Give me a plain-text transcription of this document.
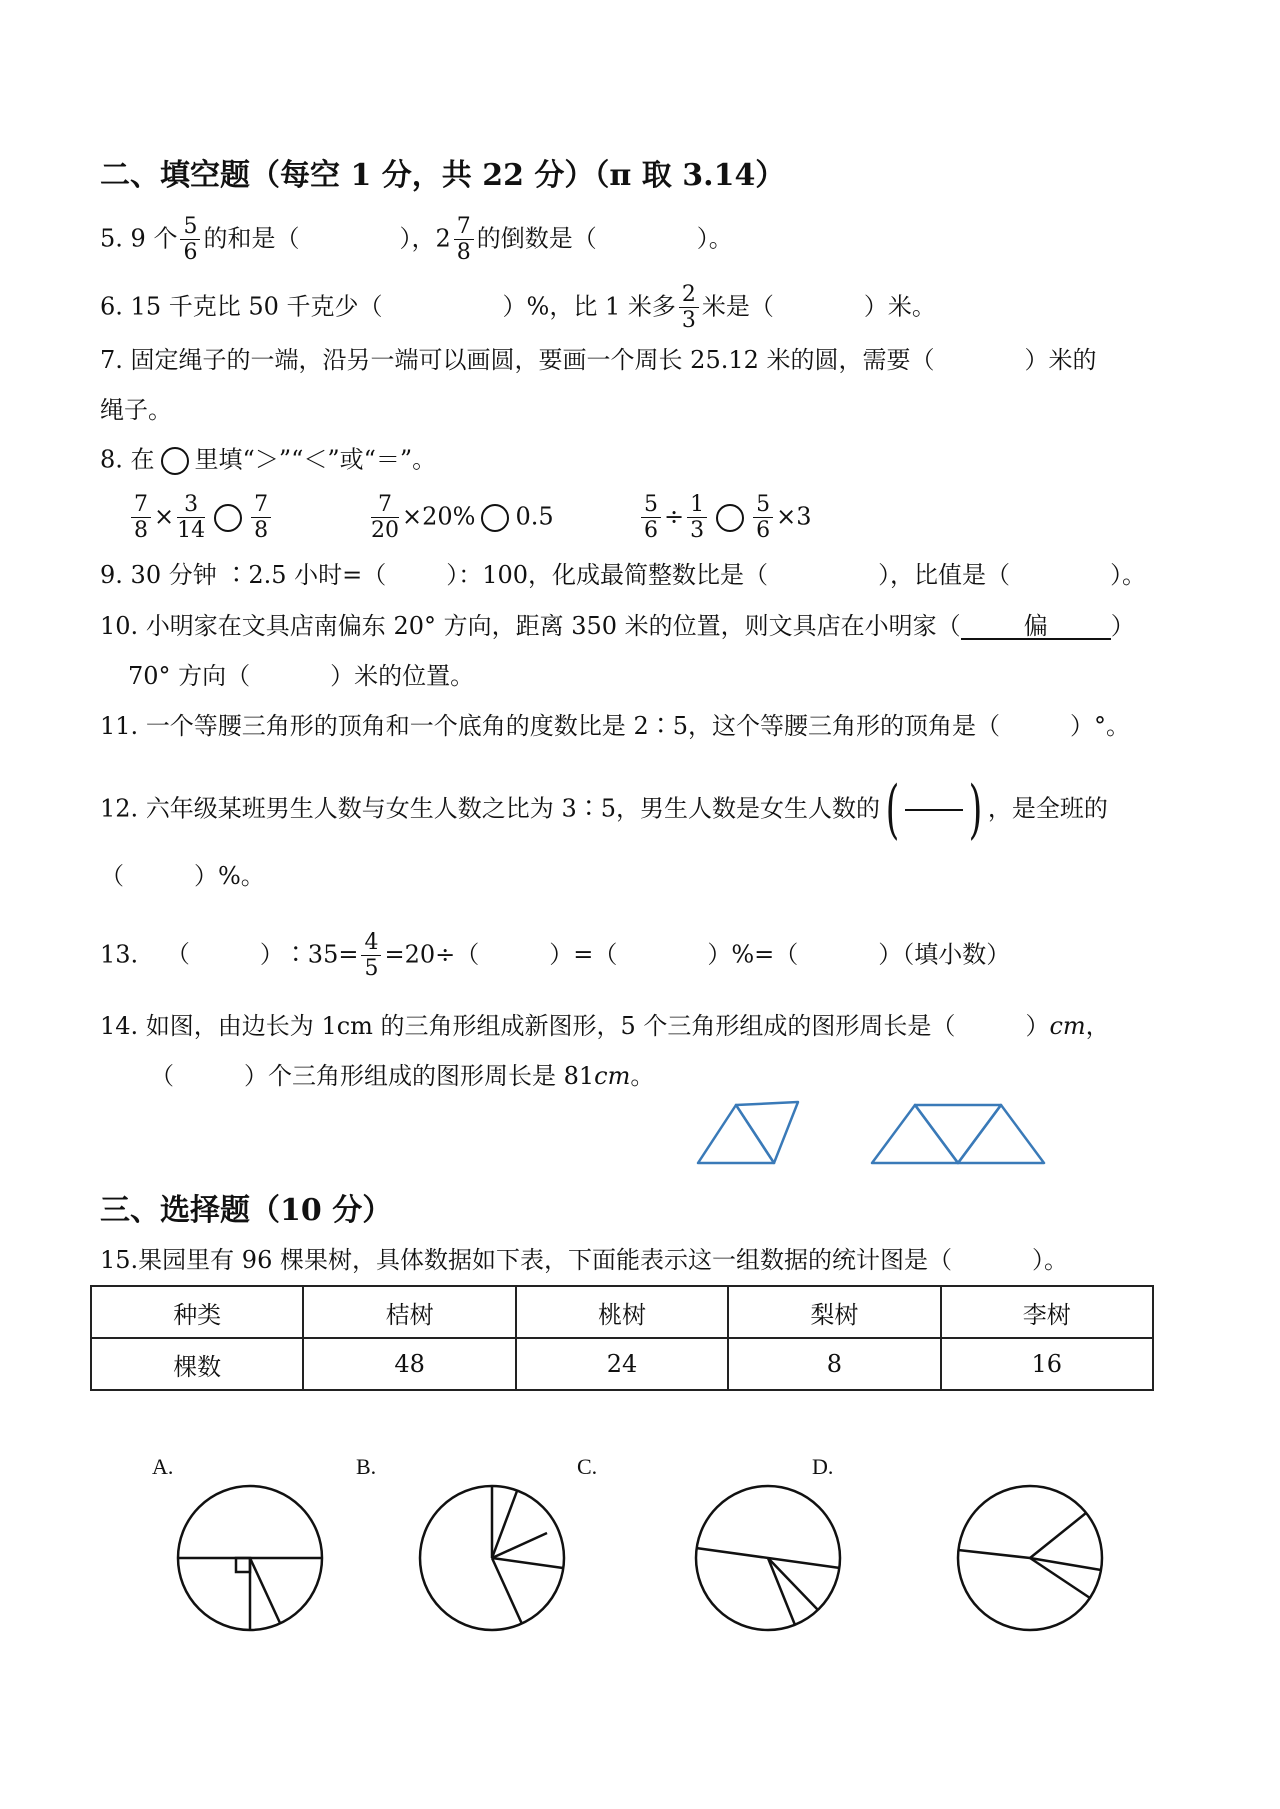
二、填空题（每空 1 分，共 22 分）（π 取 3.14）
5. 9 个 $\frac{5}{6}$ 的和是（	），$2 \frac{7}{8}$ 的倒数是（	）。
6. 15 千克比 50 千克少（	）%，比 1 米多 $\frac{2}{3}$ 米是（	）米。
7. 固定绳子的一端，沿另一端可以画圆，要画一个周长 25.12 米的圆，需要（	）米的
绳子。
8. 在 里填“＞”“＜”或“＝”。
$\frac{7}{8} \times \frac{3}{14} \frac{7}{8}$	$\frac{7}{20} \times 20\%$ 0.5	$\frac{5}{6} \div \frac{1}{3} \frac{5}{6} \times 3$
9. 30 分钟 ∶2.5 小时=（	）：100，化成最简整数比是（	），比值是（	）。
10. 小明家在文具店南偏东 20° 方向，距离 350 米的位置，则文具店在小明家（	偏	）
70° 方向（	）米的位置。
11. 一个等腰三角形的顶角和一个底角的度数比是 2∶5，这个等腰三角形的顶角是（	）°。
12. 六年级某班男生人数与女生人数之比为 3∶5，男生人数是女生人数的( ) ，是全班的
（	）%。
13. （	）∶35= $\frac{4}{5} =20\div$（	）=（	）%=（	）（填小数）
14. 如图，由边长为 1cm 的三角形组成新图形，5 个三角形组成的图形周长是（	）cm，
（	）个三角形组成的图形周长是 81cm。
三、选择题（10 分）
15.果园里有 96 棵果树，具体数据如下表，下面能表示这一组数据的统计图是（	）。
种类	桔树	桃树	梨树	李树
棵数	48	24	8	16
A.	B.	C.	D.
